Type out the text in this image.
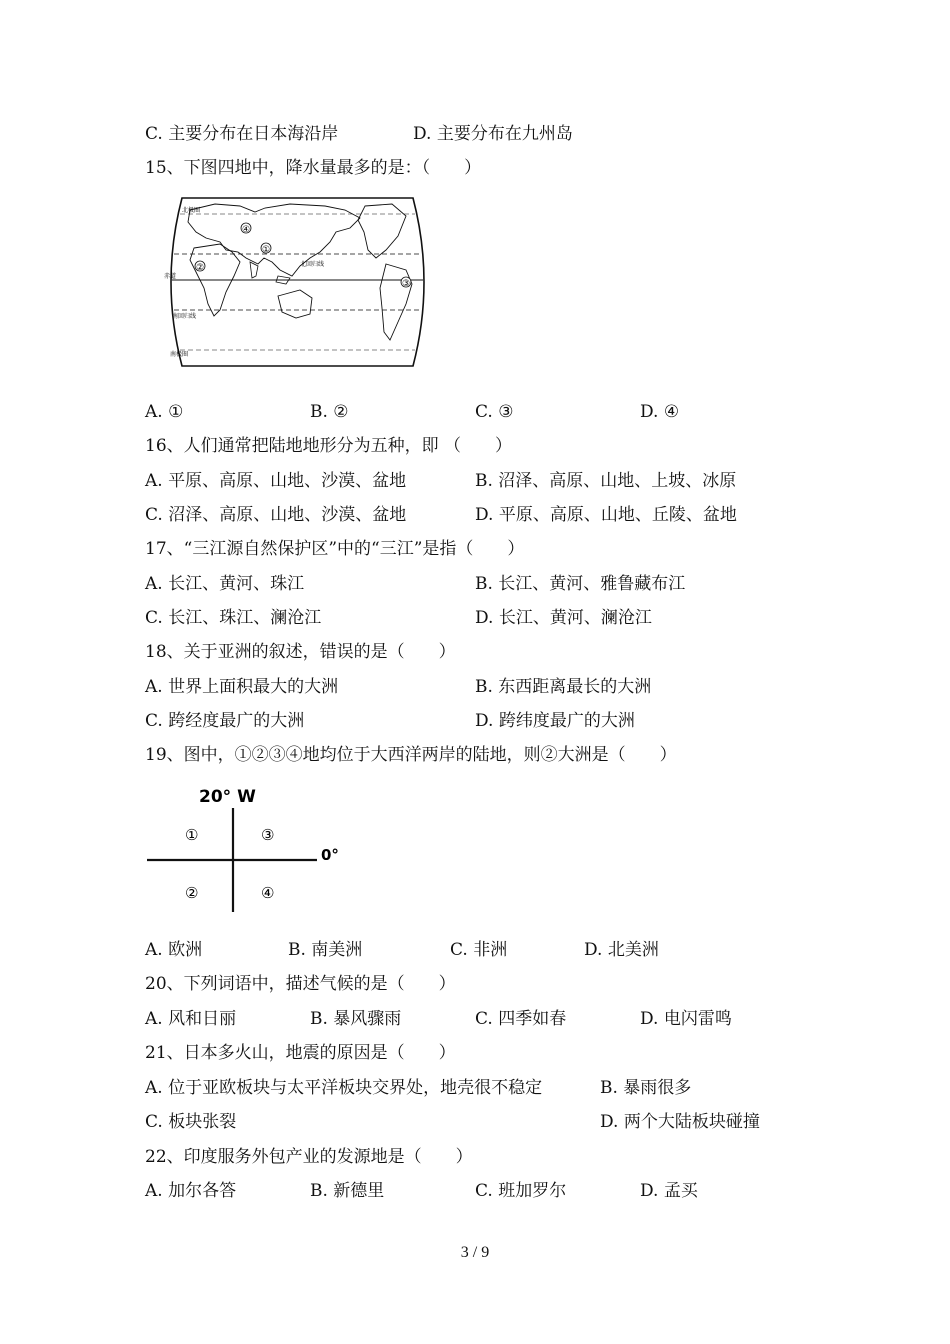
C. 主要分布在日本海沿岸	D. 主要分布在九州岛
15、下图四地中，降水量最多的是：（　　）
①
②
③
④
北极圈
北回归线
赤道
南回归线
南极圈
A. ①	B. ②	C. ③	D. ④
16、人们通常把陆地地形分为五种，即 （　　）
A. 平原、高原、山地、沙漠、盆地	B. 沼泽、高原、山地、上坡、冰原
C. 沼泽、高原、山地、沙漠、盆地	D. 平原、高原、山地、丘陵、盆地
17、“三江源自然保护区”中的“三江”是指（　　）
A. 长江、黄河、珠江	B. 长江、黄河、雅鲁藏布江
C. 长江、珠江、澜沧江	D. 长江、黄河、澜沧江
18、关于亚洲的叙述，错误的是（　　）
A. 世界上面积最大的大洲	B. 东西距离最长的大洲
C. 跨经度最广的大洲	D. 跨纬度最广的大洲
19、图中，①②③④地均位于大西洋两岸的陆地，则②大洲是（　　）
20° W
0°
①	③
②	④
A. 欧洲	B. 南美洲	C. 非洲	D. 北美洲
20、下列词语中，描述气候的是（　　）
A. 风和日丽	B. 暴风骤雨	C. 四季如春	D. 电闪雷鸣
21、日本多火山，地震的原因是（　　）
A. 位于亚欧板块与太平洋板块交界处，地壳很不稳定	B. 暴雨很多
C. 板块张裂	D. 两个大陆板块碰撞
22、印度服务外包产业的发源地是（　　）
A. 加尔各答	B. 新德里	C. 班加罗尔	D. 孟买
3 / 9
